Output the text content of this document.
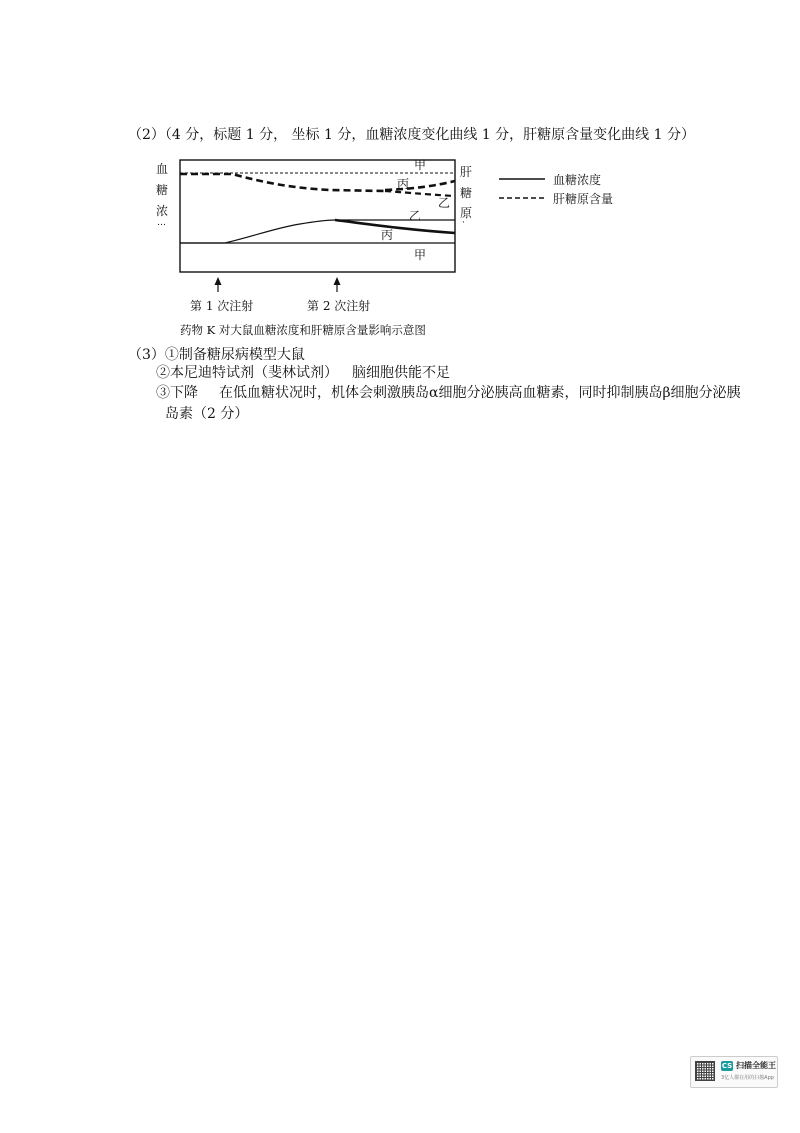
（2）（4 分，标题 1 分， 坐标 1 分，血糖浓度变化曲线 1 分，肝糖原含量变化曲线 1 分）
血
糖
浓
…
肝
糖
原
·
甲
丙
乙
乙
丙
甲
血糖浓度
肝糖原含量
第 1 次注射	第 2 次注射
药物 K 对大鼠血糖浓度和肝糖原含量影响示意图
（3）①制备糖尿病模型大鼠
②本尼迪特试剂（斐林试剂） 脑细胞供能不足
③下降 在低血糖状况时，机体会刺激胰岛α细胞分泌胰高血糖素，同时抑制胰岛β细胞分泌胰
岛素（2 分）
CS 扫描全能王
3亿人都在用的扫描App
